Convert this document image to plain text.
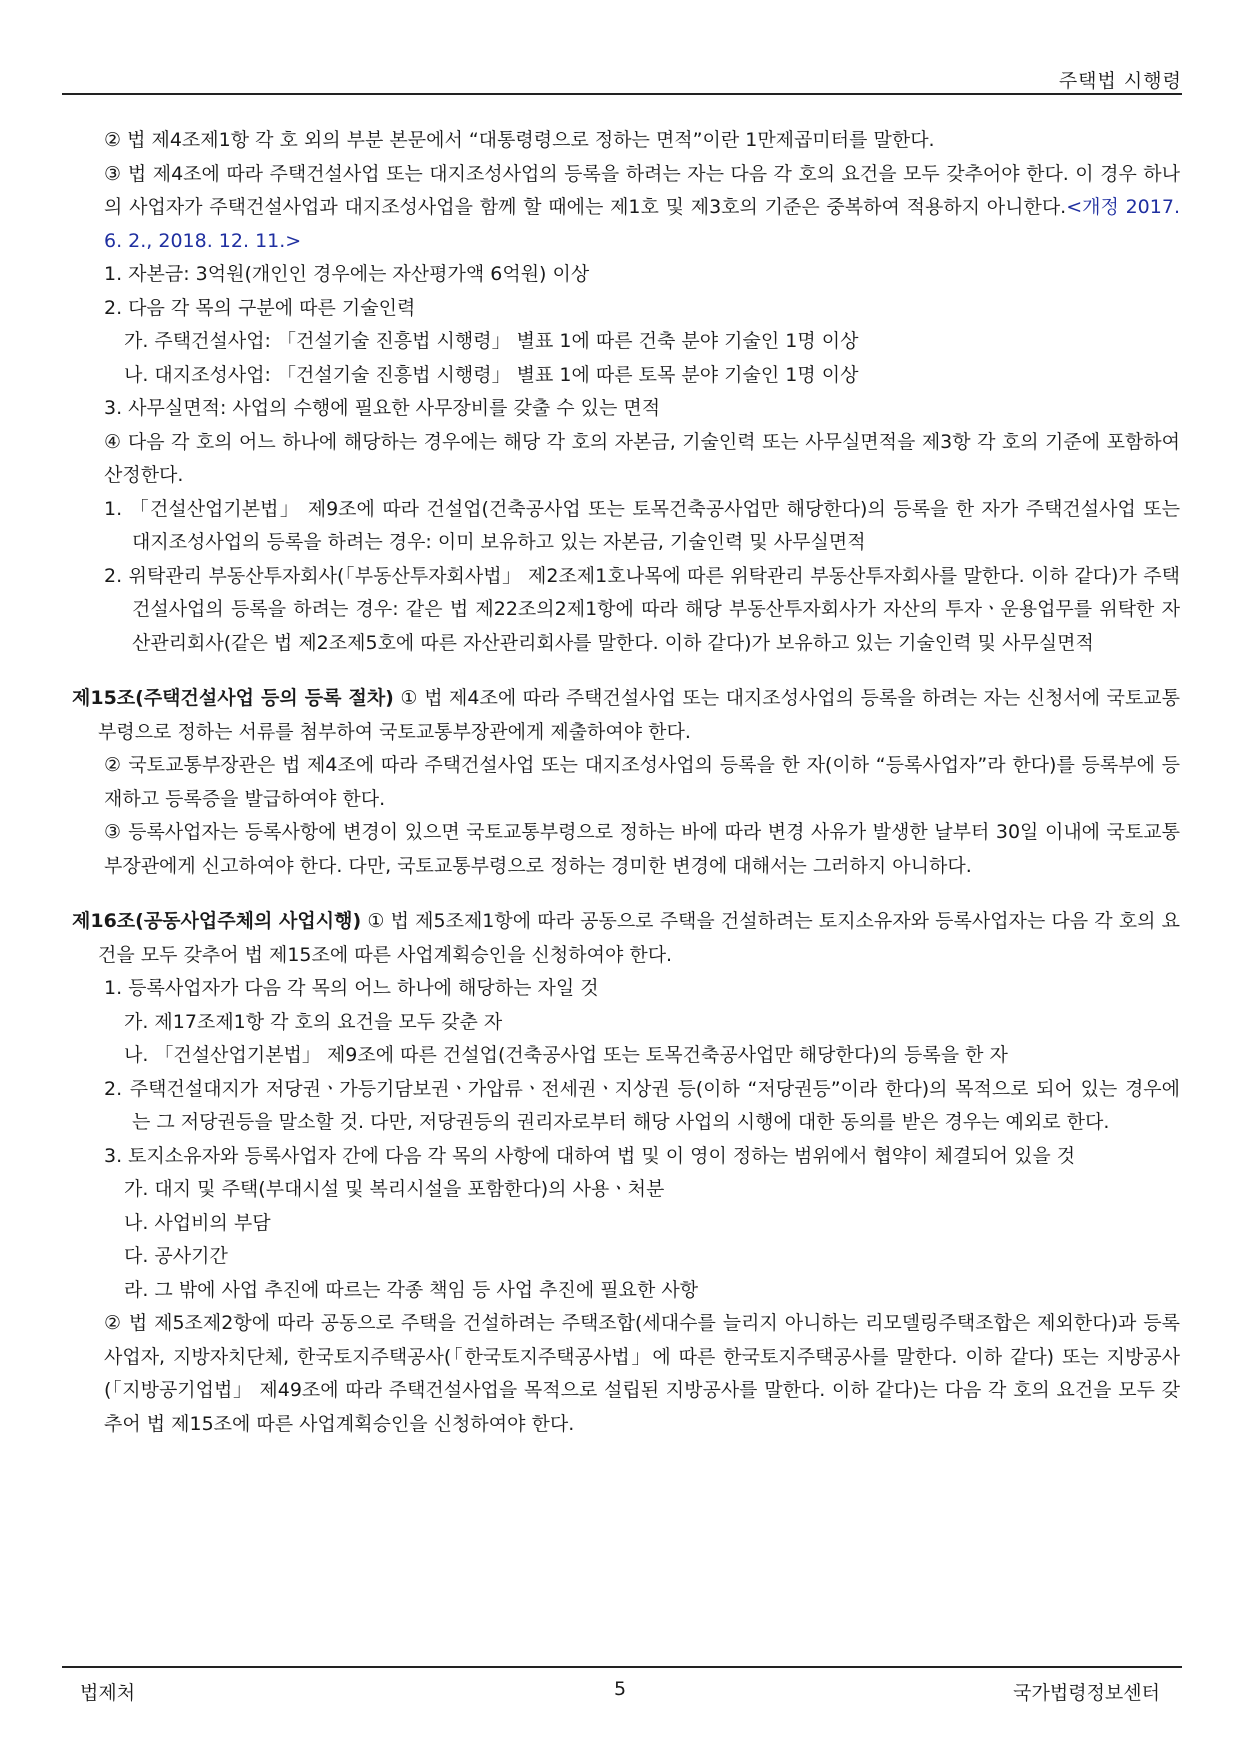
주택법 시행령
② 법 제4조제1항 각 호 외의 부분 본문에서 “대통령령으로 정하는 면적”이란 1만제곱미터를 말한다.
③ 법 제4조에 따라 주택건설사업 또는 대지조성사업의 등록을 하려는 자는 다음 각 호의 요건을 모두 갖추어야 한다. 이 경우 하나의 사업자가 주택건설사업과 대지조성사업을 함께 할 때에는 제1호 및 제3호의 기준은 중복하여 적용하지 아니한다.<개정 2017. 6. 2., 2018. 12. 11.>
1. 자본금: 3억원(개인인 경우에는 자산평가액 6억원) 이상
2. 다음 각 목의 구분에 따른 기술인력
가. 주택건설사업: 「건설기술 진흥법 시행령」 별표 1에 따른 건축 분야 기술인 1명 이상
나. 대지조성사업: 「건설기술 진흥법 시행령」 별표 1에 따른 토목 분야 기술인 1명 이상
3. 사무실면적: 사업의 수행에 필요한 사무장비를 갖출 수 있는 면적
④ 다음 각 호의 어느 하나에 해당하는 경우에는 해당 각 호의 자본금, 기술인력 또는 사무실면적을 제3항 각 호의 기준에 포함하여 산정한다.
1. 「건설산업기본법」 제9조에 따라 건설업(건축공사업 또는 토목건축공사업만 해당한다)의 등록을 한 자가 주택건설사업 또는 대지조성사업의 등록을 하려는 경우: 이미 보유하고 있는 자본금, 기술인력 및 사무실면적
2. 위탁관리 부동산투자회사(「부동산투자회사법」 제2조제1호나목에 따른 위탁관리 부동산투자회사를 말한다. 이하 같다)가 주택건설사업의 등록을 하려는 경우: 같은 법 제22조의2제1항에 따라 해당 부동산투자회사가 자산의 투자ㆍ운용업무를 위탁한 자산관리회사(같은 법 제2조제5호에 따른 자산관리회사를 말한다. 이하 같다)가 보유하고 있는 기술인력 및 사무실면적
제15조(주택건설사업 등의 등록 절차) ① 법 제4조에 따라 주택건설사업 또는 대지조성사업의 등록을 하려는 자는 신청서에 국토교통부령으로 정하는 서류를 첨부하여 국토교통부장관에게 제출하여야 한다.
② 국토교통부장관은 법 제4조에 따라 주택건설사업 또는 대지조성사업의 등록을 한 자(이하 “등록사업자”라 한다)를 등록부에 등재하고 등록증을 발급하여야 한다.
③ 등록사업자는 등록사항에 변경이 있으면 국토교통부령으로 정하는 바에 따라 변경 사유가 발생한 날부터 30일 이내에 국토교통부장관에게 신고하여야 한다. 다만, 국토교통부령으로 정하는 경미한 변경에 대해서는 그러하지 아니하다.
제16조(공동사업주체의 사업시행) ① 법 제5조제1항에 따라 공동으로 주택을 건설하려는 토지소유자와 등록사업자는 다음 각 호의 요건을 모두 갖추어 법 제15조에 따른 사업계획승인을 신청하여야 한다.
1. 등록사업자가 다음 각 목의 어느 하나에 해당하는 자일 것
가. 제17조제1항 각 호의 요건을 모두 갖춘 자
나. 「건설산업기본법」 제9조에 따른 건설업(건축공사업 또는 토목건축공사업만 해당한다)의 등록을 한 자
2. 주택건설대지가 저당권ㆍ가등기담보권ㆍ가압류ㆍ전세권ㆍ지상권 등(이하 “저당권등”이라 한다)의 목적으로 되어 있는 경우에는 그 저당권등을 말소할 것. 다만, 저당권등의 권리자로부터 해당 사업의 시행에 대한 동의를 받은 경우는 예외로 한다.
3. 토지소유자와 등록사업자 간에 다음 각 목의 사항에 대하여 법 및 이 영이 정하는 범위에서 협약이 체결되어 있을 것
가. 대지 및 주택(부대시설 및 복리시설을 포함한다)의 사용ㆍ처분
나. 사업비의 부담
다. 공사기간
라. 그 밖에 사업 추진에 따르는 각종 책임 등 사업 추진에 필요한 사항
② 법 제5조제2항에 따라 공동으로 주택을 건설하려는 주택조합(세대수를 늘리지 아니하는 리모델링주택조합은 제외한다)과 등록사업자, 지방자치단체, 한국토지주택공사(「한국토지주택공사법」에 따른 한국토지주택공사를 말한다. 이하 같다) 또는 지방공사(「지방공기업법」 제49조에 따라 주택건설사업을 목적으로 설립된 지방공사를 말한다. 이하 같다)는 다음 각 호의 요건을 모두 갖추어 법 제15조에 따른 사업계획승인을 신청하여야 한다.
법제처	5	국가법령정보센터
